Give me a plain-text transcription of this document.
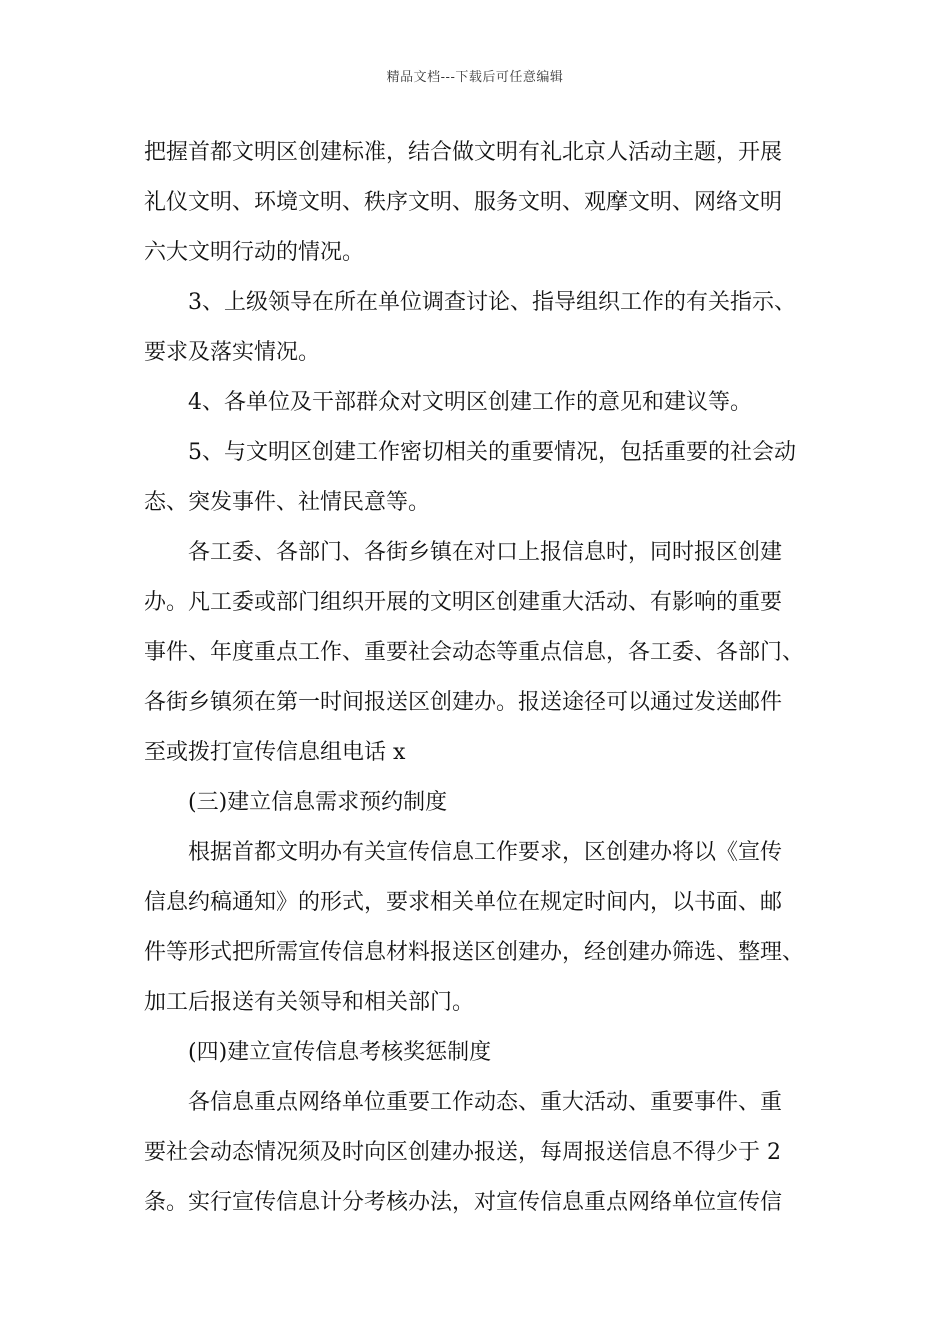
精品文档---下载后可任意编辑
把握首都文明区创建标准，结合做文明有礼北京人活动主题，开展
礼仪文明、环境文明、秩序文明、服务文明、观摩文明、网络文明
六大文明行动的情况。
3、上级领导在所在单位调查讨论、指导组织工作的有关指示、
要求及落实情况。
4、各单位及干部群众对文明区创建工作的意见和建议等。
5、与文明区创建工作密切相关的重要情况，包括重要的社会动
态、突发事件、社情民意等。
各工委、各部门、各街乡镇在对口上报信息时，同时报区创建
办。凡工委或部门组织开展的文明区创建重大活动、有影响的重要
事件、年度重点工作、重要社会动态等重点信息，各工委、各部门、
各街乡镇须在第一时间报送区创建办。报送途径可以通过发送邮件
至或拨打宣传信息组电话 x
(三)建立信息需求预约制度
根据首都文明办有关宣传信息工作要求，区创建办将以《宣传
信息约稿通知》的形式，要求相关单位在规定时间内，以书面、邮
件等形式把所需宣传信息材料报送区创建办，经创建办筛选、整理、
加工后报送有关领导和相关部门。
(四)建立宣传信息考核奖惩制度
各信息重点网络单位重要工作动态、重大活动、重要事件、重
要社会动态情况须及时向区创建办报送，每周报送信息不得少于 2
条。实行宣传信息计分考核办法，对宣传信息重点网络单位宣传信
